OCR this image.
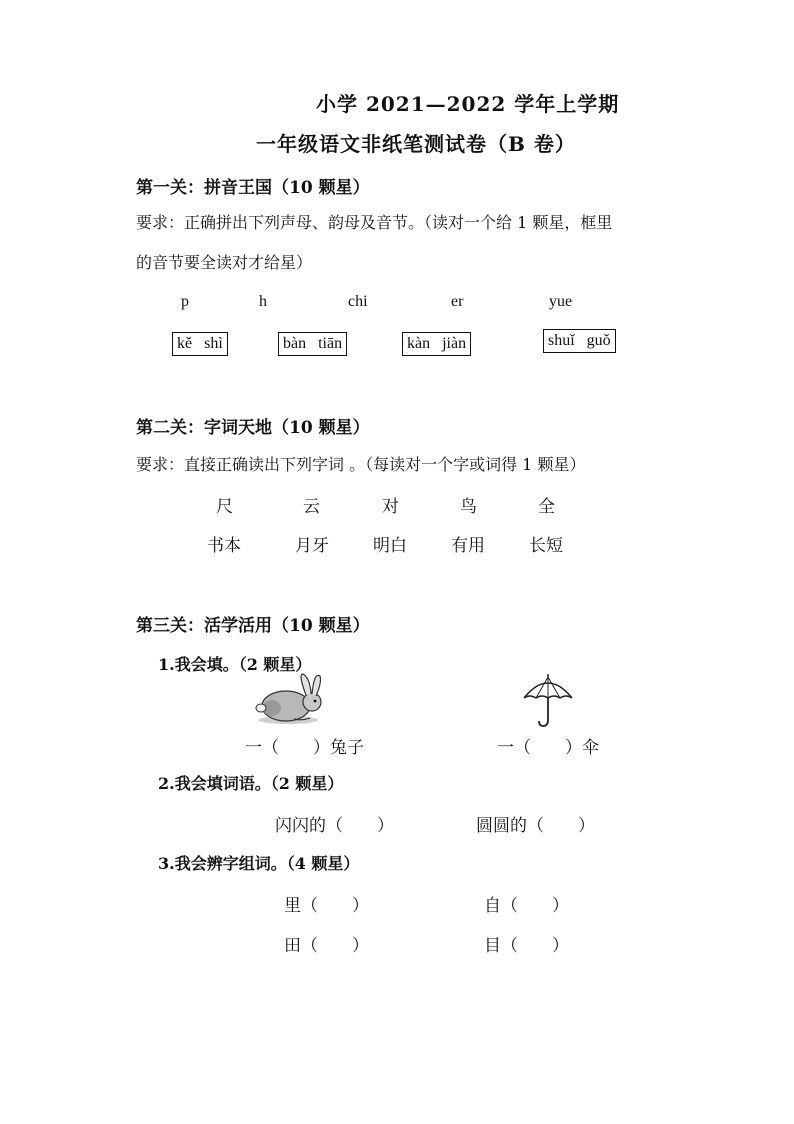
小学 2021—2022 学年上学期
一年级语文非纸笔测试卷（B 卷）
第一关：拼音王国（10 颗星）
要求：正确拼出下列声母、韵母及音节。（读对一个给 1 颗星，框里
的音节要全读对才给星）
p	h	chi	er	yue
kě shì	bàn tiān	kàn jiàn	shuǐ guǒ
第二关：字词天地（10 颗星）
要求：直接正确读出下列字词 。（每读对一个字或词得 1 颗星）
尺	云	对	鸟	全
书本	月牙	明白	有用	长短
第三关：活学活用（10 颗星）
1.我会填。（2 颗星）
一（　　）兔子	一（　　）伞
2.我会填词语。（2 颗星）
闪闪的（　　）	圆圆的（　　）
3.我会辨字组词。（4 颗星）
里（　　）	自（　　）
田（　　）	目（　　）
